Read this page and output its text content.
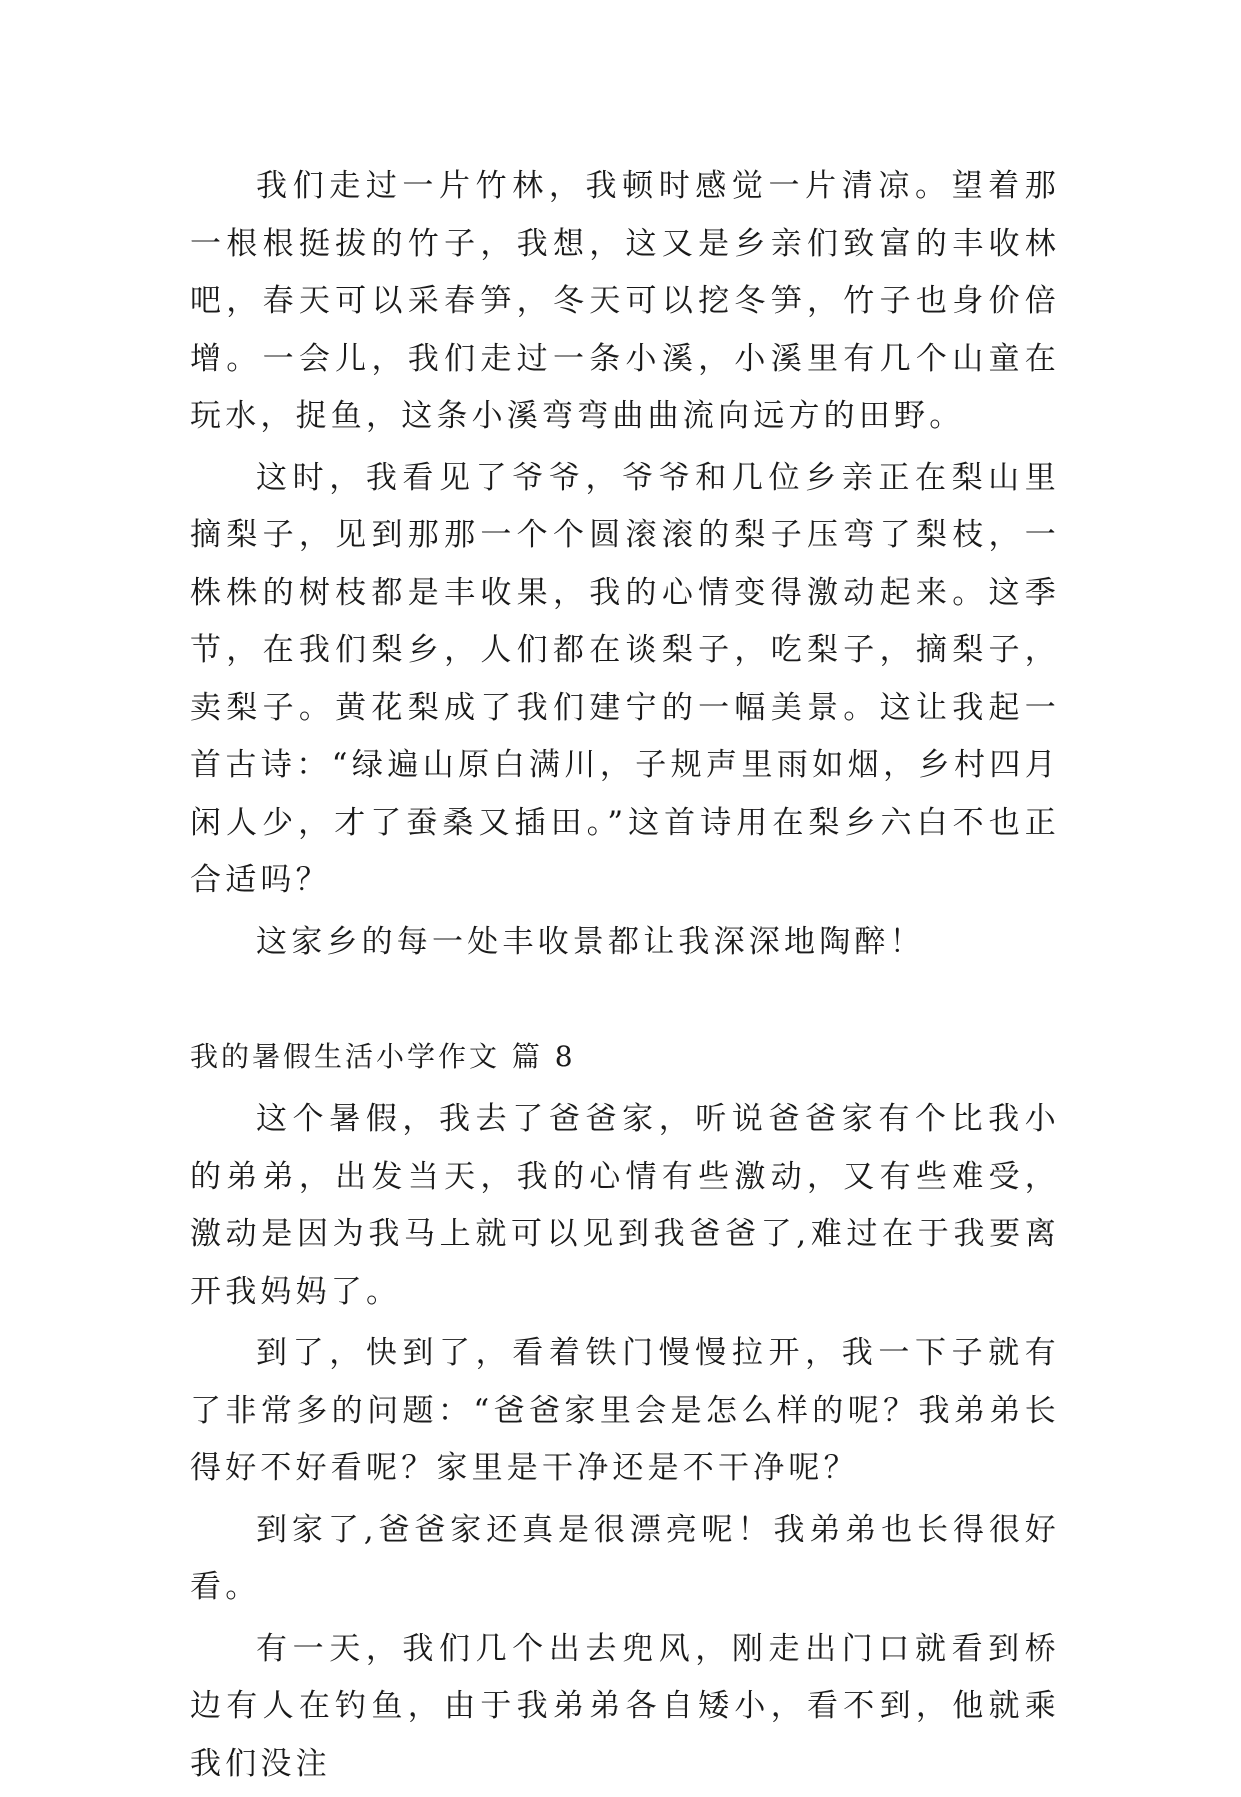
我们走过一片竹林，我顿时感觉一片清凉。望着那一根根挺拔的竹子，我想，这又是乡亲们致富的丰收林吧，春天可以采春笋，冬天可以挖冬笋，竹子也身价倍增。一会儿，我们走过一条小溪，小溪里有几个山童在玩水，捉鱼，这条小溪弯弯曲曲流向远方的田野。

这时，我看见了爷爷，爷爷和几位乡亲正在梨山里摘梨子，见到那那一个个圆滚滚的梨子压弯了梨枝，一株株的树枝都是丰收果，我的心情变得激动起来。这季节，在我们梨乡，人们都在谈梨子，吃梨子，摘梨子，卖梨子。黄花梨成了我们建宁的一幅美景。这让我起一首古诗：“绿遍山原白满川，子规声里雨如烟，乡村四月闲人少，才了蚕桑又插田。”这首诗用在梨乡六白不也正合适吗？

这家乡的每一处丰收景都让我深深地陶醉！

我的暑假生活小学作文 篇 8

这个暑假，我去了爸爸家，听说爸爸家有个比我小的弟弟，出发当天，我的心情有些激动，又有些难受，激动是因为我马上就可以见到我爸爸了,难过在于我要离开我妈妈了。

到了，快到了，看着铁门慢慢拉开，我一下子就有了非常多的问题：“爸爸家里会是怎么样的呢？我弟弟长得好不好看呢？家里是干净还是不干净呢？

到家了,爸爸家还真是很漂亮呢！我弟弟也长得很好看。

有一天，我们几个出去兜风，刚走出门口就看到桥边有人在钓鱼，由于我弟弟各自矮小，看不到，他就乘我们没注
